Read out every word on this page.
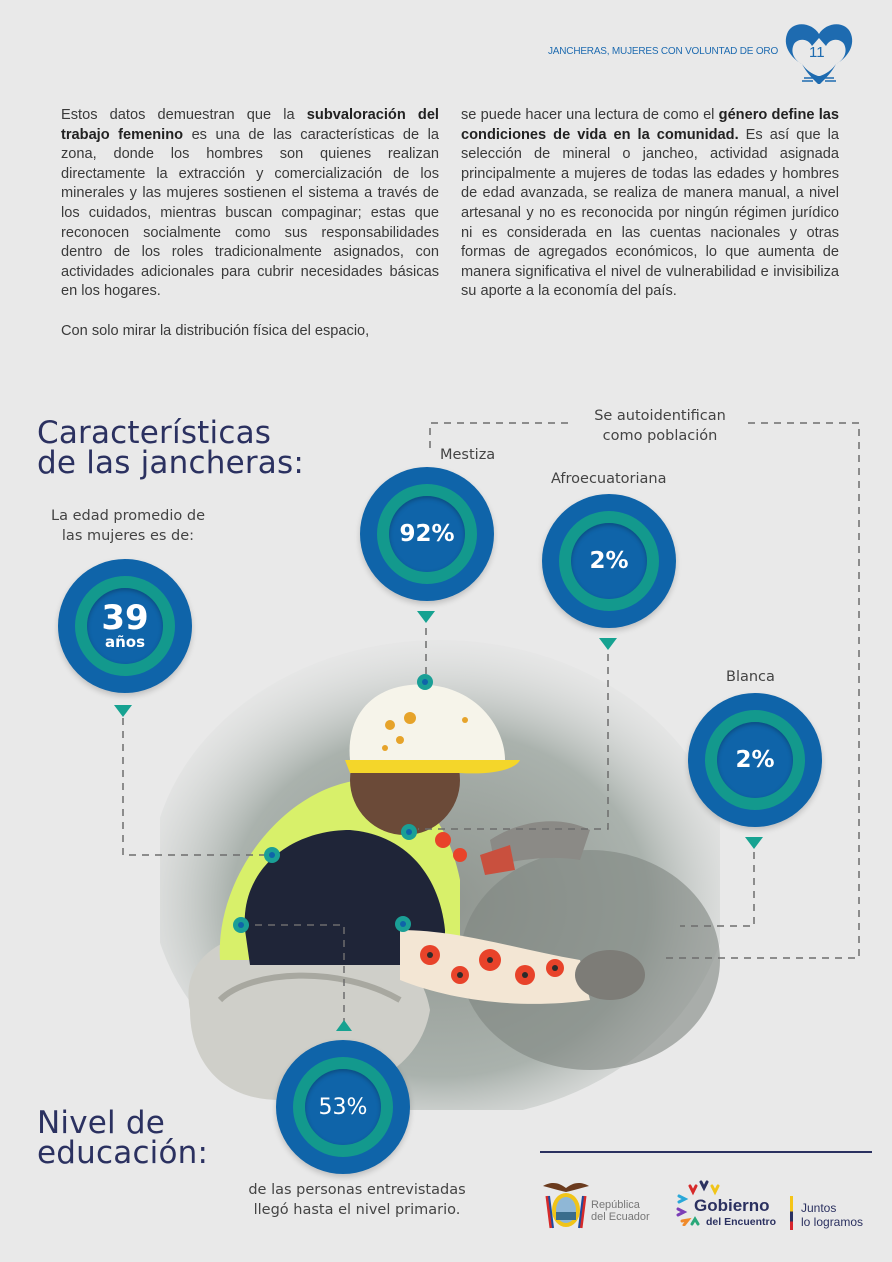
JANCHERAS, MUJERES CON VOLUNTAD DE ORO 11

Estos datos demuestran que la subvaloración del trabajo femenino es una de las características de la zona, donde los hombres son quienes realizan directamente la extracción y comercialización de los minerales y las mujeres sostienen el sistema a través de los cuidados, mientras buscan compaginar; estas que reconocen socialmente como sus responsabilidades dentro de los roles tradicionalmente asignados, con actividades adicionales para cubrir necesidades básicas en los hogares.

Con solo mirar la distribución física del espacio,

se puede hacer una lectura de como el género define las condiciones de vida en la comunidad. Es así que la selección de mineral o jancheo, actividad asignada principalmente a mujeres de todas las edades y hombres de edad avanzada, se realiza de manera manual, a nivel artesanal y no es reconocida por ningún régimen jurídico ni es considerada en las cuentas nacionales y otras formas de agregados económicos, lo que aumenta de manera significativa el nivel de vulnerabilidad e invisibiliza su aporte a la economía del país.

Características
de las jancheras:
La edad promedio de
las mujeres es de:
39
años
Se autoidentifican
como población
Mestiza
92%
Afroecuatoriana
2%
Blanca
2%
53%
Nivel de
educación:
de las personas entrevistadas
llegó hasta el nivel primario.	República
del Ecuador
Gobierno
del Encuentro
Juntos
lo logramos
